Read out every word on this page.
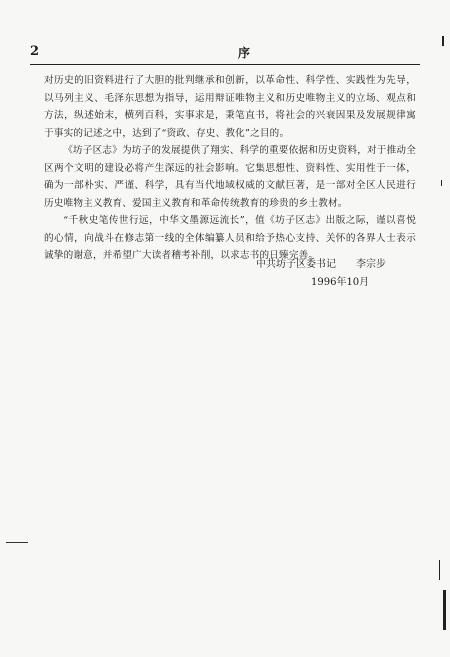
2	序

对历史的旧资料进行了大胆的批判继承和创新，以革命性、科学性、实践性为先导，以马列主义、毛泽东思想为指导，运用辩证唯物主义和历史唯物主义的立场、观点和方法，纵述始末，横列百科，实事求是，秉笔直书，将社会的兴衰因果及发展规律寓于事实的记述之中，达到了“资政、存史、教化”之目的。

《坊子区志》为坊子的发展提供了翔实、科学的重要依据和历史资料，对于推动全区两个文明的建设必将产生深远的社会影响。它集思想性、资料性、实用性于一体，确为一部朴实、严谨、科学，具有当代地域权威的文献巨著，是一部对全区人民进行历史唯物主义教育、爱国主义教育和革命传统教育的珍贵的乡土教材。

“千秋史笔传世行远，中华文墨源远流长”，值《坊子区志》出版之际，谨以喜悦的心情，向战斗在修志第一线的全体编纂人员和给予热心支持、关怀的各界人士表示诚挚的谢意，并希望广大读者稽考补削，以求志书的日臻完善。

中共坊子区委书记 李宗步
1996年10月
